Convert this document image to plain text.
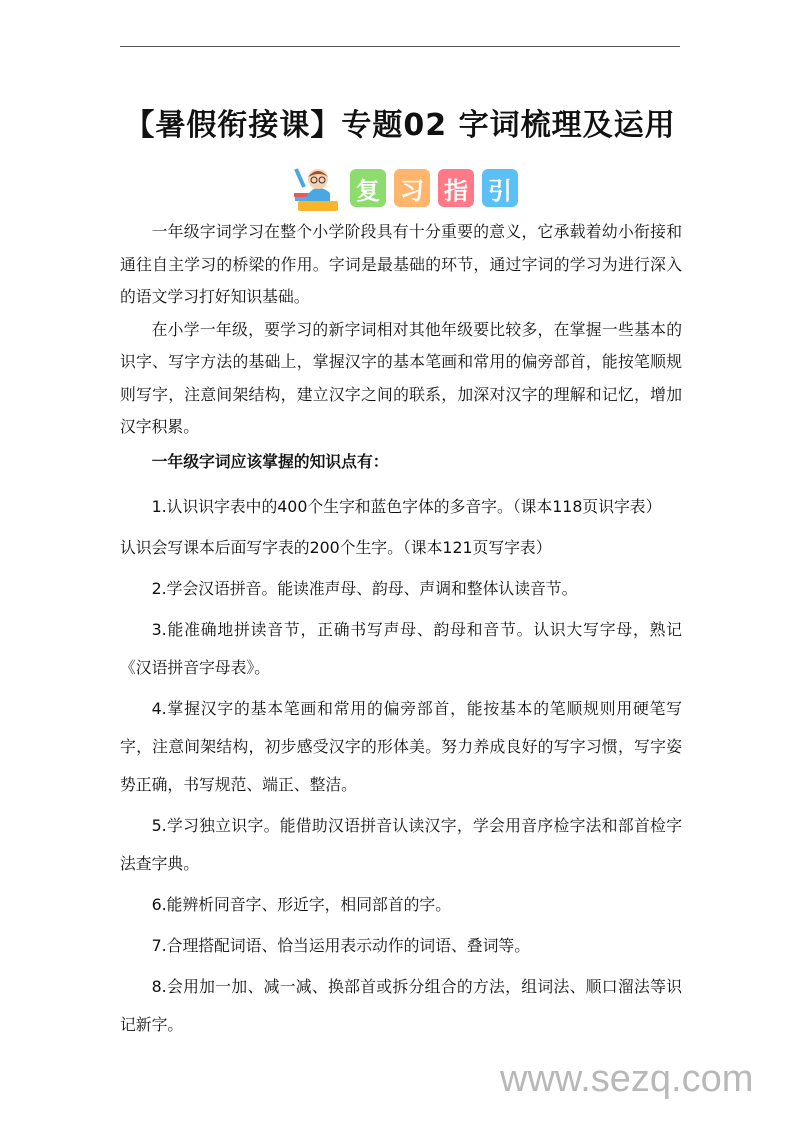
【暑假衔接课】专题02 字词梳理及运用
复 习 指 引

一年级字词学习在整个小学阶段具有十分重要的意义，它承载着幼小衔接和通往自主学习的桥梁的作用。字词是最基础的环节，通过字词的学习为进行深入的语文学习打好知识基础。

在小学一年级，要学习的新字词相对其他年级要比较多，在掌握一些基本的识字、写字方法的基础上，掌握汉字的基本笔画和常用的偏旁部首，能按笔顺规则写字，注意间架结构，建立汉字之间的联系，加深对汉字的理解和记忆，增加汉字积累。

一年级字词应该掌握的知识点有：

1.认识识字表中的400个生字和蓝色字体的多音字。（课本118页识字表）

认识会写课本后面写字表的200个生字。（课本121页写字表）

2.学会汉语拼音。能读准声母、韵母、声调和整体认读音节。

3.能准确地拼读音节，正确书写声母、韵母和音节。认识大写字母，熟记《汉语拼音字母表》。

4.掌握汉字的基本笔画和常用的偏旁部首，能按基本的笔顺规则用硬笔写字，注意间架结构，初步感受汉字的形体美。努力养成良好的写字习惯，写字姿势正确，书写规范、端正、整洁。

5.学习独立识字。能借助汉语拼音认读汉字，学会用音序检字法和部首检字法查字典。

6.能辨析同音字、形近字，相同部首的字。

7.合理搭配词语、恰当运用表示动作的词语、叠词等。

8.会用加一加、减一减、换部首或拆分组合的方法，组词法、顺口溜法等识记新字。

www.sezq.com
